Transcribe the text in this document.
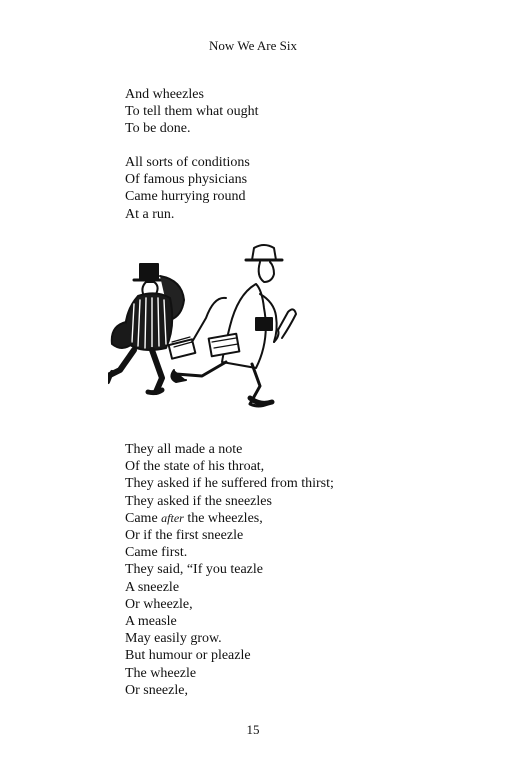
Now We Are Six
And wheezles
To tell them what ought
To be done.
All sorts of conditions
Of famous physicians
Came hurrying round
At a run.
They all made a note
Of the state of his throat,
They asked if he suffered from thirst;
They asked if the sneezles
Came after the wheezles,
Or if the first sneezle
Came first.
They said, “If you teazle
A sneezle
Or wheezle,
A measle
May easily grow.
But humour or pleazle
The wheezle
Or sneezle,
15
